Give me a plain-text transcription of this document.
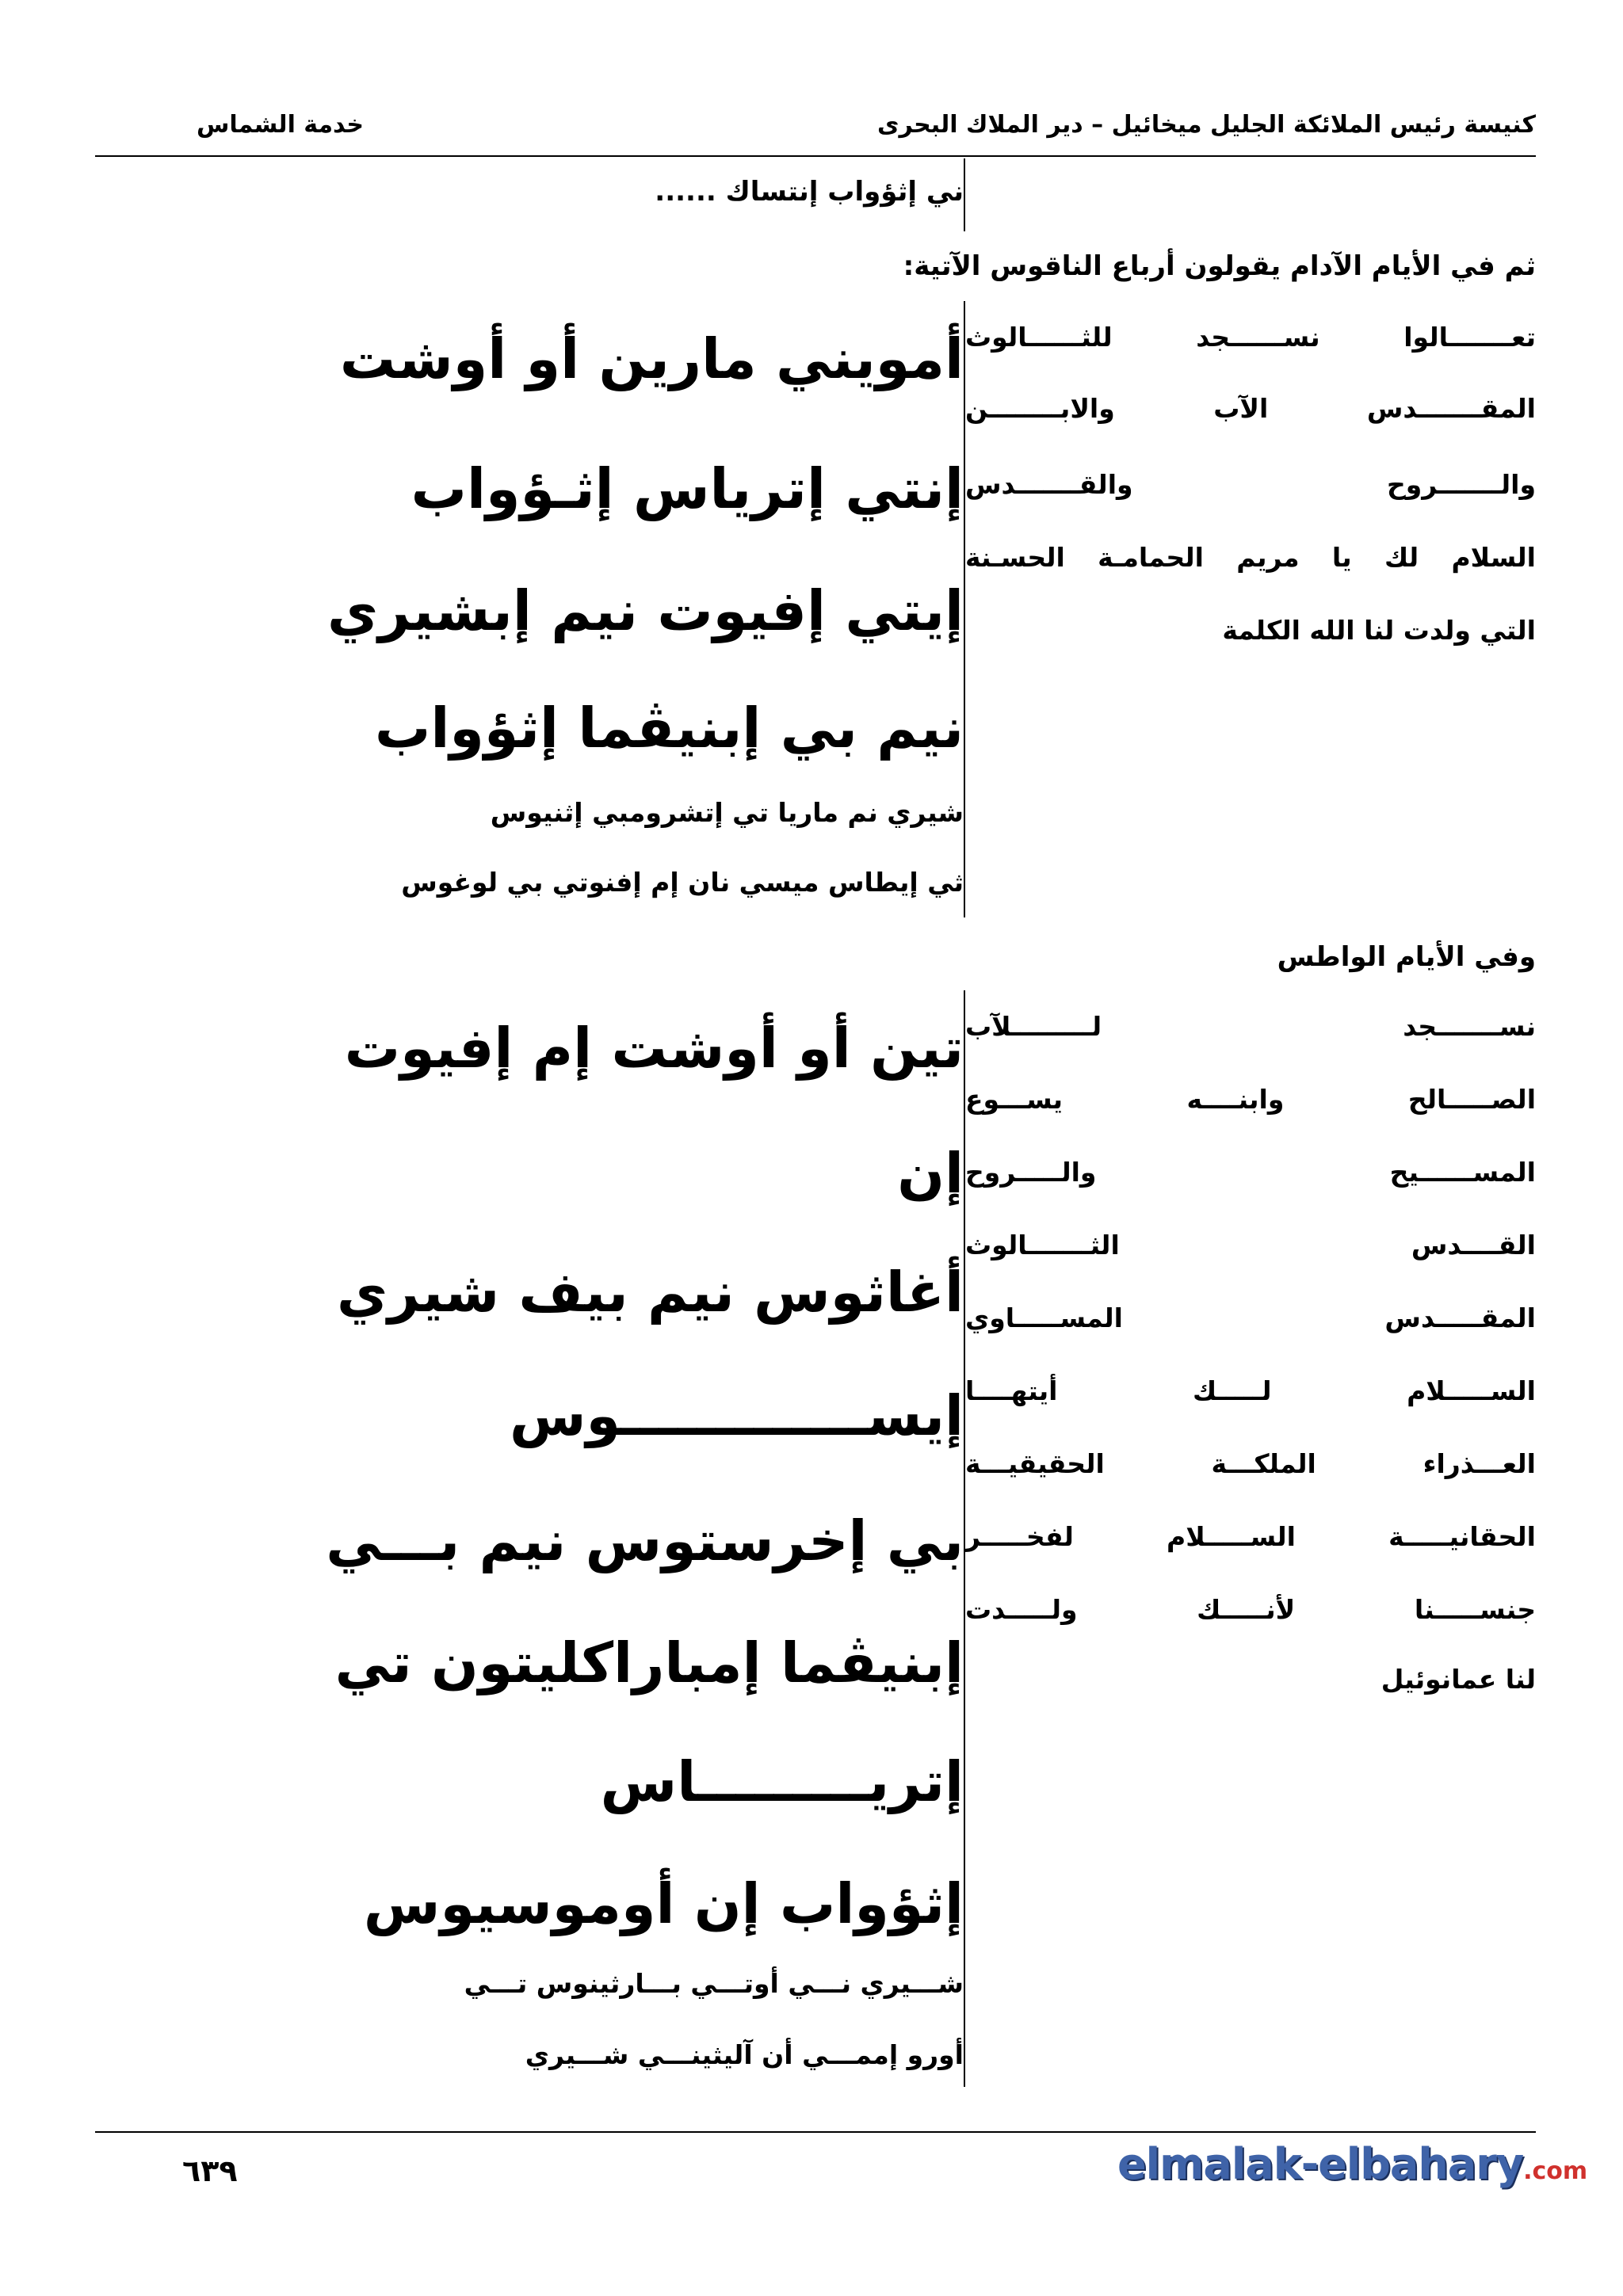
كنيسة رئيس الملائكة الجليل ميخائيل – دير الملاك البحرى
خدمة الشماس
ني إثؤواب إنتساك ......
ثم في الأيام الآدام يقولون أرباع الناقوس الآتية:
تعـــــــالوا نســــــجد للثــــــالوث
المقـــــــدس الآب والابــــــــن
والـــــــروح والقـــــــدس
السلام لك يا مريم الحمامـة الحسـنة
التي ولدت لنا الله الكلمة
أمويني مارين أو أوشت
إنتي إترياس إثـؤواب
إيتي إفيوت نيم إبشيري
نيم بي إبنيڤما إثؤواب
شيري نم ماريا تي إتشرومبي إثنيوس
ثي إيطاس ميسي نان إم إفنوتي بي لوغوس
وفي الأيام الواطس
نســـــــجد لـــــــــلآب
الصـــــالح وابنــــه يســـوع
المســــــيح والـــــروح
القــــدس الثـــــــالوث
المقـــــدس المســـــاوي
الســـــلام لـــــك أيتهــــا
العـــذراء الملكـــة الحقيقيـــة
الحقانيـــــة الســـــلام لفخـــــر
جنســـــنا لأنـــــك ولـــــدت
لنا عمانوئيل
تين أو أوشت إم إفيوت
إن
أغاثوس نيم بيف شيري
إيســـــــــــــوس
بي إخرستوس نيم بـــي
إبنيڤما إمباراكليتون تي
إتريـــــــــاس
إثؤواب إن أوموسيوس
شـــيري نـــي أوتـــي بـــارثينوس تـــي
أورو إممـــي أن آليثينـــي شـــيري
٦٣٩	elmalak-elbahary.com
